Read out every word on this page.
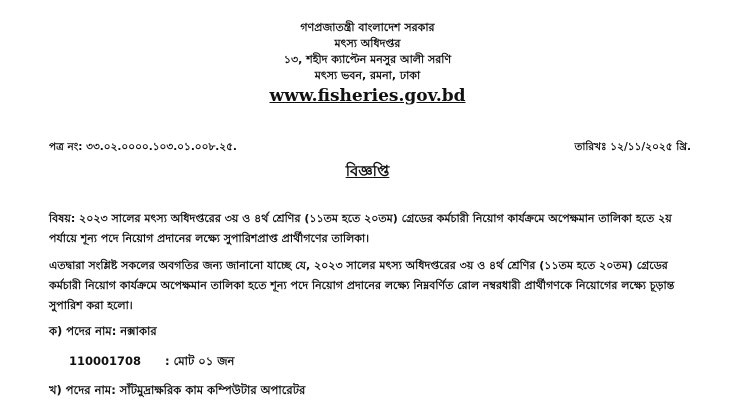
গণপ্রজাতন্ত্রী বাংলাদেশ সরকার
মৎস্য অধিদপ্তর
১৩, শহীদ ক্যাপ্টেন মনসুর আলী সরণি
মৎস্য ভবন, রমনা, ঢাকা
www.fisheries.gov.bd
পত্র নং: ৩৩.০২.০০০০.১০৩.০১.০০৮.২৫.	তারিখঃ ১২/১১/২০২৫ খ্রি.
বিজ্ঞপ্তি
বিষয়: ২০২৩ সালের মৎস্য অধিদপ্তরের ৩য় ও ৪র্থ শ্রেণির (১১তম হতে ২০তম) গ্রেডের কর্মচারী নিয়োগ কার্যক্রমে অপেক্ষমান তালিকা হতে ২য় পর্যায়ে শূন্য পদে নিয়োগ প্রদানের লক্ষ্যে সুপারিশপ্রাপ্ত প্রার্থীগণের তালিকা।
এতদ্বারা সংশ্লিষ্ট সকলের অবগতির জন্য জানানো যাচ্ছে যে, ২০২৩ সালের মৎস্য অধিদপ্তরের ৩য় ও ৪র্থ শ্রেণির (১১তম হতে ২০তম) গ্রেডের কর্মচারী নিয়োগ কার্যক্রমে অপেক্ষমান তালিকা হতে শূন্য পদে নিয়োগ প্রদানের লক্ষ্যে নিম্নবর্ণিত রোল নম্বরধারী প্রার্থীগণকে নিয়োগের লক্ষ্যে চূড়ান্ত সুপারিশ করা হলো।
ক) পদের নাম: নক্সাকার
110001708 : মোট ০১ জন
খ) পদের নাম: সাঁটমুদ্রাক্ষরিক কাম কম্পিউটার অপারেটর
